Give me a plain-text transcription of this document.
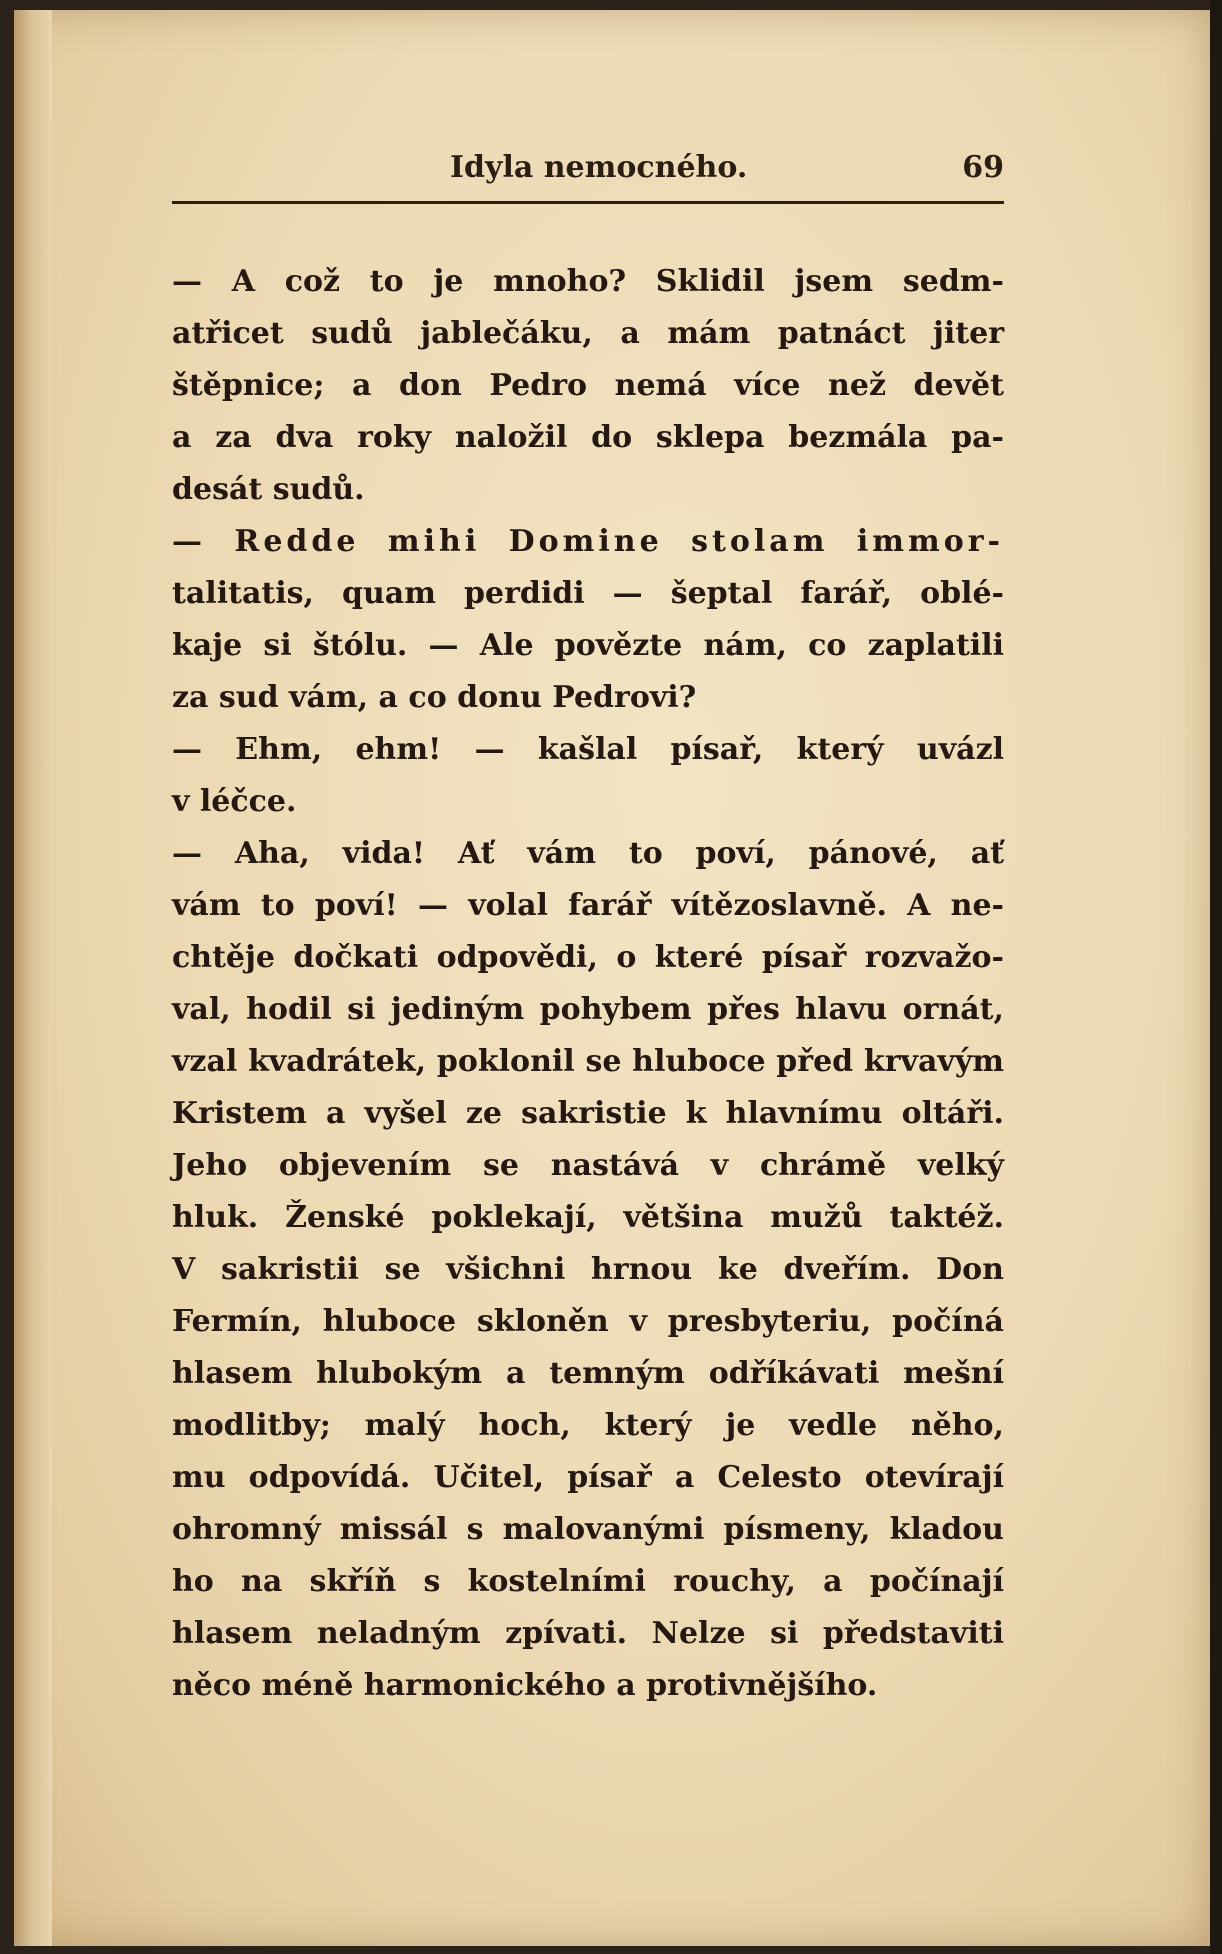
Idyla nemocného.	69
— A což to je mnoho? Sklidil jsem sedm-
atřicet sudů jablečáku, a mám patnáct jiter
štěpnice; a don Pedro nemá více než devět
a za dva roky naložil do sklepa bezmála pa-
desát sudů.
— Redde mihi Domine stolam immor-
talitatis, quam perdidi — šeptal farář, oblé-
kaje si štólu. — Ale povězte nám, co zaplatili
za sud vám, a co donu Pedrovi?
— Ehm, ehm! — kašlal písař, který uvázl
v léčce.
— Aha, vida! Ať vám to poví, pánové, ať
vám to poví! — volal farář vítězoslavně. A ne-
chtěje dočkati odpovědi, o které písař rozvažo-
val, hodil si jediným pohybem přes hlavu ornát,
vzal kvadrátek, poklonil se hluboce před krvavým
Kristem a vyšel ze sakristie k hlavnímu oltáři.
Jeho objevením se nastává v chrámě velký
hluk. Ženské poklekají, většina mužů taktéž.
V sakristii se všichni hrnou ke dveřím. Don
Fermín, hluboce skloněn v presbyteriu, počíná
hlasem hlubokým a temným odříkávati mešní
modlitby; malý hoch, který je vedle něho,
mu odpovídá. Učitel, písař a Celesto otevírají
ohromný missál s malovanými písmeny, kladou
ho na skříň s kostelními rouchy, a počínají
hlasem neladným zpívati. Nelze si představiti
něco méně harmonického a protivnějšího.
